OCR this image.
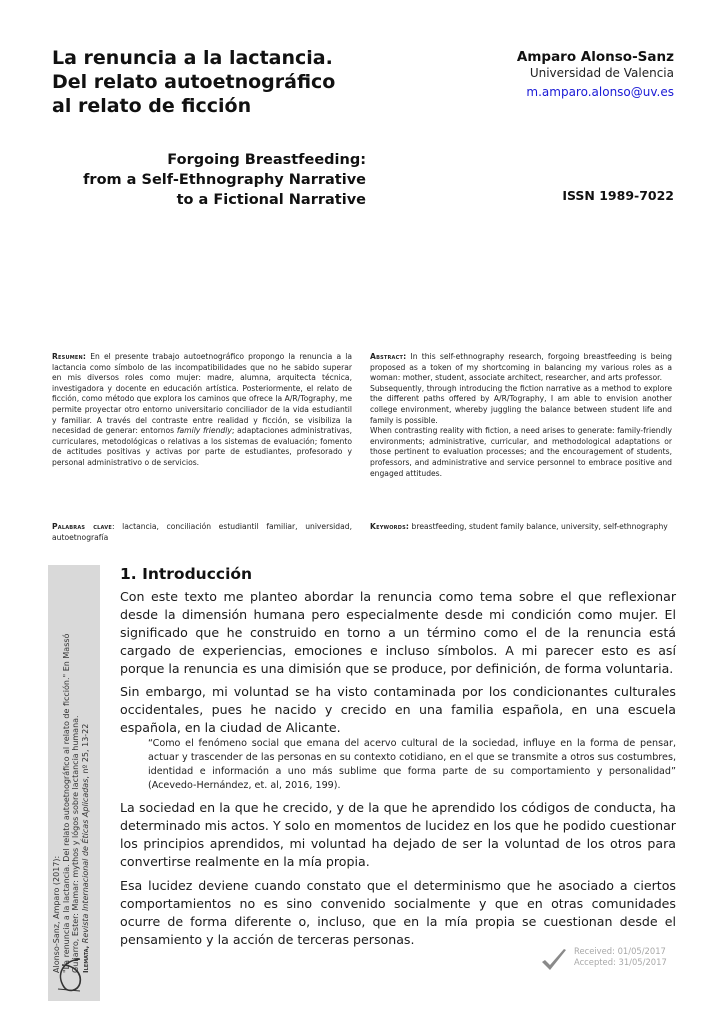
La renuncia a la lactancia.
Del relato autoetnográfico
al relato de ficción
Amparo Alonso-Sanz
Universidad de Valencia
m.amparo.alonso@uv.es
Forgoing Breastfeeding:
from a Self-Ethnography Narrative
to a Fictional Narrative	ISSN 1989-7022
Resumen: En el presente trabajo autoetnográfico propongo la renuncia a la lactancia como símbolo de las incompatibilidades que no he sabido superar en mis diversos roles como mujer: madre, alumna, arquitecta técnica, investigadora y docente en educación artística. Posteriormente, el relato de ficción, como método que explora los caminos que ofrece la A/R/Tography, me permite proyectar otro entorno universitario conciliador de la vida estudiantil y familiar. A través del contraste entre realidad y ficción, se visibiliza la necesidad de generar: entornos family friendly; adaptaciones administrativas, curriculares, metodológicas o relativas a los sistemas de evaluación; fomento de actitudes positivas y activas por parte de estudiantes, profesorado y personal administrativo o de servicios.
Abstract: In this self-ethnography research, forgoing breastfeeding is being proposed as a token of my shortcoming in balancing my various roles as a woman: mother, student, associate architect, researcher, and arts professor.
Subsequently, through introducing the fiction narrative as a method to explore the different paths offered by A/R/Tography, I am able to envision another college environment, whereby juggling the balance between student life and family is possible.
When contrasting reality with fiction, a need arises to generate: family-friendly environments; administrative, curricular, and methodological adaptations or those pertinent to evaluation processes; and the encouragement of students, professors, and administrative and service personnel to embrace positive and engaged attitudes.
Palabras clave: lactancia, conciliación estudiantil familiar, universidad, autoetnografía
Keywords: breastfeeding, student family balance, university, self-ethnography
Alonso-Sanz, Amparo (2017): "La renuncia a la lactancia. Del relato autoetnográfico al relato de ficción." En Massó Guijarro, Ester: Mamar: mythos y lógos sobre lactancia humana. Ilemata, Revista Internacional de Éticas Aplicadas, nº 25, 13-22
1. Introducción
Con este texto me planteo abordar la renuncia como tema sobre el que reflexionar desde la dimensión humana pero especialmente desde mi condición como mujer. El significado que he construido en torno a un término como el de la renuncia está cargado de experiencias, emociones e incluso símbolos. A mi parecer esto es así porque la renuncia es una dimisión que se produce, por definición, de forma voluntaria.
Sin embargo, mi voluntad se ha visto contaminada por los condicionantes culturales occidentales, pues he nacido y crecido en una familia española, en una escuela española, en la ciudad de Alicante.
“Como el fenómeno social que emana del acervo cultural de la sociedad, influye en la forma de pensar, actuar y trascender de las personas en su contexto cotidiano, en el que se transmite a otros sus costumbres, identidad e información a uno más sublime que forma parte de su comportamiento y personalidad” (Acevedo-Hernández, et. al, 2016, 199).
La sociedad en la que he crecido, y de la que he aprendido los códigos de conducta, ha determinado mis actos. Y solo en momentos de lucidez en los que he podido cuestionar los principios aprendidos, mi voluntad ha dejado de ser la voluntad de los otros para convertirse realmente en la mía propia.
Esa lucidez deviene cuando constato que el determinismo que he asociado a ciertos comportamientos no es sino convenido socialmente y que en otras comunidades ocurre de forma diferente o, incluso, que en la mía propia se cuestionan desde el pensamiento y la acción de terceras personas.
Received: 01/05/2017
Accepted: 31/05/2017
